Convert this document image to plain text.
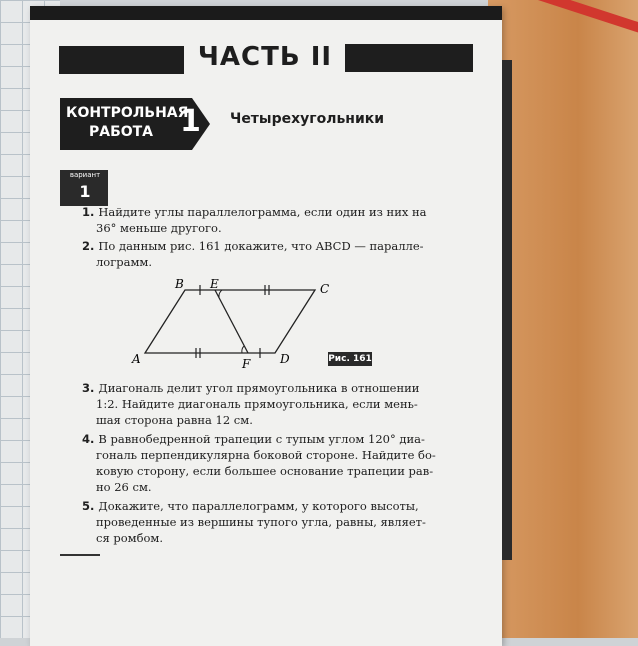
ЧАСТЬ II
КОНТРОЛЬНАЯ
РАБОТА 1 Четырехугольники
вариант
1
1. Найдите углы параллелограмма, если один из них на
36° меньше другого.
2. По данным рис. 161 докажите, что ABCD — паралле-
лограмм.
A
B	C
D
E
F	Рис. 161
3. Диагональ делит угол прямоугольника в отношении
1:2. Найдите диагональ прямоугольника, если мень-
шая сторона равна 12 см.
4. В равнобедренной трапеции с тупым углом 120° диа-
гональ перпендикулярна боковой стороне. Найдите бо-
ковую сторону, если большее основание трапеции рав-
но 26 см.
5. Докажите, что параллелограмм, у которого высоты,
проведенные из вершины тупого угла, равны, являет-
ся ромбом.
